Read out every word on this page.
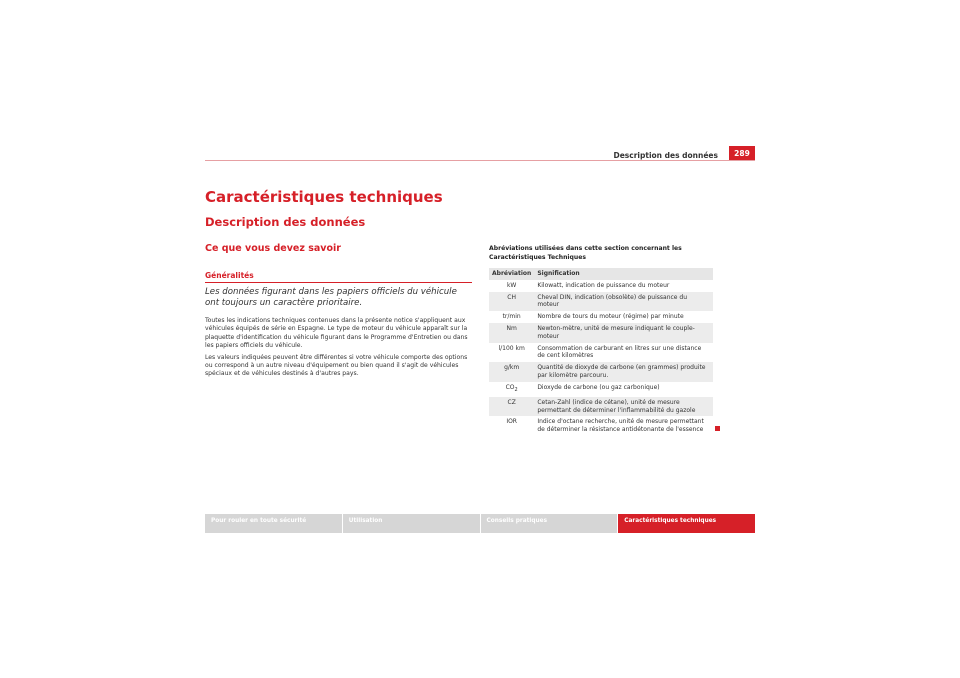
Description des données	289
Caractéristiques techniques
Description des données
Ce que vous devez savoir
Généralités
Les données figurant dans les papiers officiels du véhicule ont toujours un caractère prioritaire.

Toutes les indications techniques contenues dans la présente notice s'appliquent aux véhicules équipés de série en Espagne. Le type de moteur du véhicule apparaît sur la plaquette d'identification du véhicule figurant dans le Programme d'Entretien ou dans les papiers officiels du véhicule.

Les valeurs indiquées peuvent être différentes si votre véhicule comporte des options ou correspond à un autre niveau d'équipement ou bien quand il s'agit de véhicules spéciaux et de véhicules destinés à d'autres pays.

Abréviations utilisées dans cette section concernant les Caractéristiques Techniques
Abréviation	Signification
kW	Kilowatt, indication de puissance du moteur
CH	Cheval DIN, indication (obsolète) de puissance du moteur
tr/min	Nombre de tours du moteur (régime) par minute
Nm	Newton-mètre, unité de mesure indiquant le couple-moteur
l/100 km	Consommation de carburant en litres sur une distance de cent kilomètres
g/km	Quantité de dioxyde de carbone (en grammes) produite par kilomètre parcouru.
$CO_2$	Dioxyde de carbone (ou gaz carbonique)
CZ	Cetan-Zahl (indice de cétane), unité de mesure permettant de déterminer l'inflammabilité du gazole
IOR	Indice d'octane recherche, unité de mesure permettant de déterminer la résistance antidétonante de l'essence
Pour rouler en toute sécurité	Utilisation	Conseils pratiques	Caractéristiques techniques
